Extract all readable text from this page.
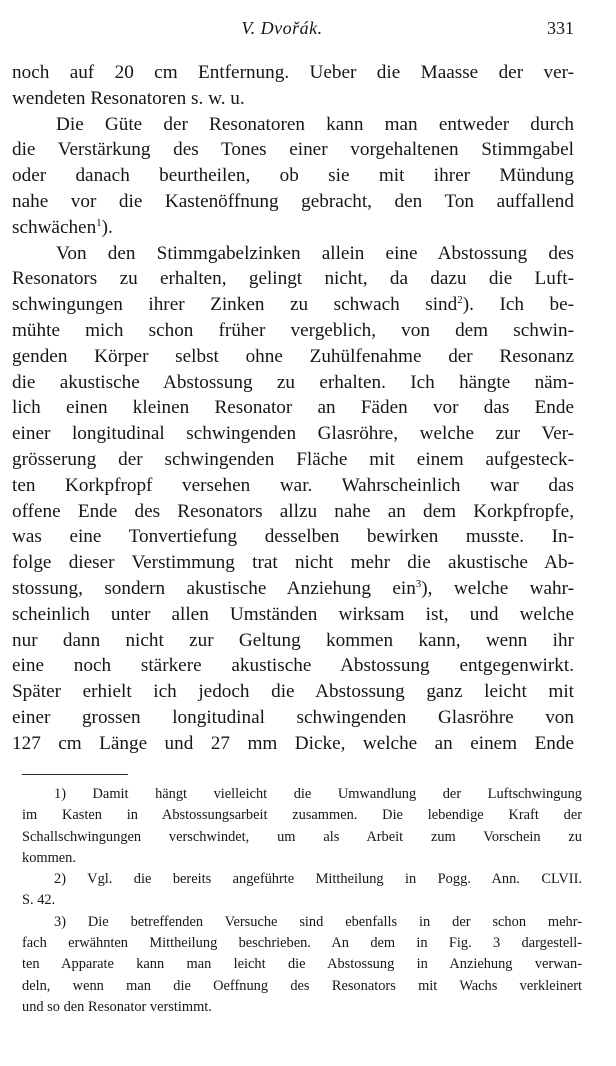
V. Dvořák.	331
noch auf 20 cm Entfernung. Ueber die Maasse der ver-
wendeten Resonatoren s. w. u.
Die Güte der Resonatoren kann man entweder durch
die Verstärkung des Tones einer vorgehaltenen Stimmgabel
oder danach beurtheilen, ob sie mit ihrer Mündung
nahe vor die Kastenöffnung gebracht, den Ton auffallend
schwächen$^1$).
Von den Stimmgabelzinken allein eine Abstossung des
Resonators zu erhalten, gelingt nicht, da dazu die Luft-
schwingungen ihrer Zinken zu schwach sind$^2$). Ich be-
mühte mich schon früher vergeblich, von dem schwin-
genden Körper selbst ohne Zuhülfenahme der Resonanz
die akustische Abstossung zu erhalten. Ich hängte näm-
lich einen kleinen Resonator an Fäden vor das Ende
einer longitudinal schwingenden Glasröhre, welche zur Ver-
grösserung der schwingenden Fläche mit einem aufgesteck-
ten Korkpfropf versehen war. Wahrscheinlich war das
offene Ende des Resonators allzu nahe an dem Korkpfropfe,
was eine Tonvertiefung desselben bewirken musste. In-
folge dieser Verstimmung trat nicht mehr die akustische Ab-
stossung, sondern akustische Anziehung ein$^3$), welche wahr-
scheinlich unter allen Umständen wirksam ist, und welche
nur dann nicht zur Geltung kommen kann, wenn ihr
eine noch stärkere akustische Abstossung entgegenwirkt.
Später erhielt ich jedoch die Abstossung ganz leicht mit
einer grossen longitudinal schwingenden Glasröhre von
127 cm Länge und 27 mm Dicke, welche an einem Ende
1) Damit hängt vielleicht die Umwandlung der Luftschwingung
im Kasten in Abstossungsarbeit zusammen. Die lebendige Kraft der
Schallschwingungen verschwindet, um als Arbeit zum Vorschein zu
kommen.
2) Vgl. die bereits angeführte Mittheilung in Pogg. Ann. CLVII.
S. 42.
3) Die betreffenden Versuche sind ebenfalls in der schon mehr-
fach erwähnten Mittheilung beschrieben. An dem in Fig. 3 dargestell-
ten Apparate kann man leicht die Abstossung in Anziehung verwan-
deln, wenn man die Oeffnung des Resonators mit Wachs verkleinert
und so den Resonator verstimmt.
